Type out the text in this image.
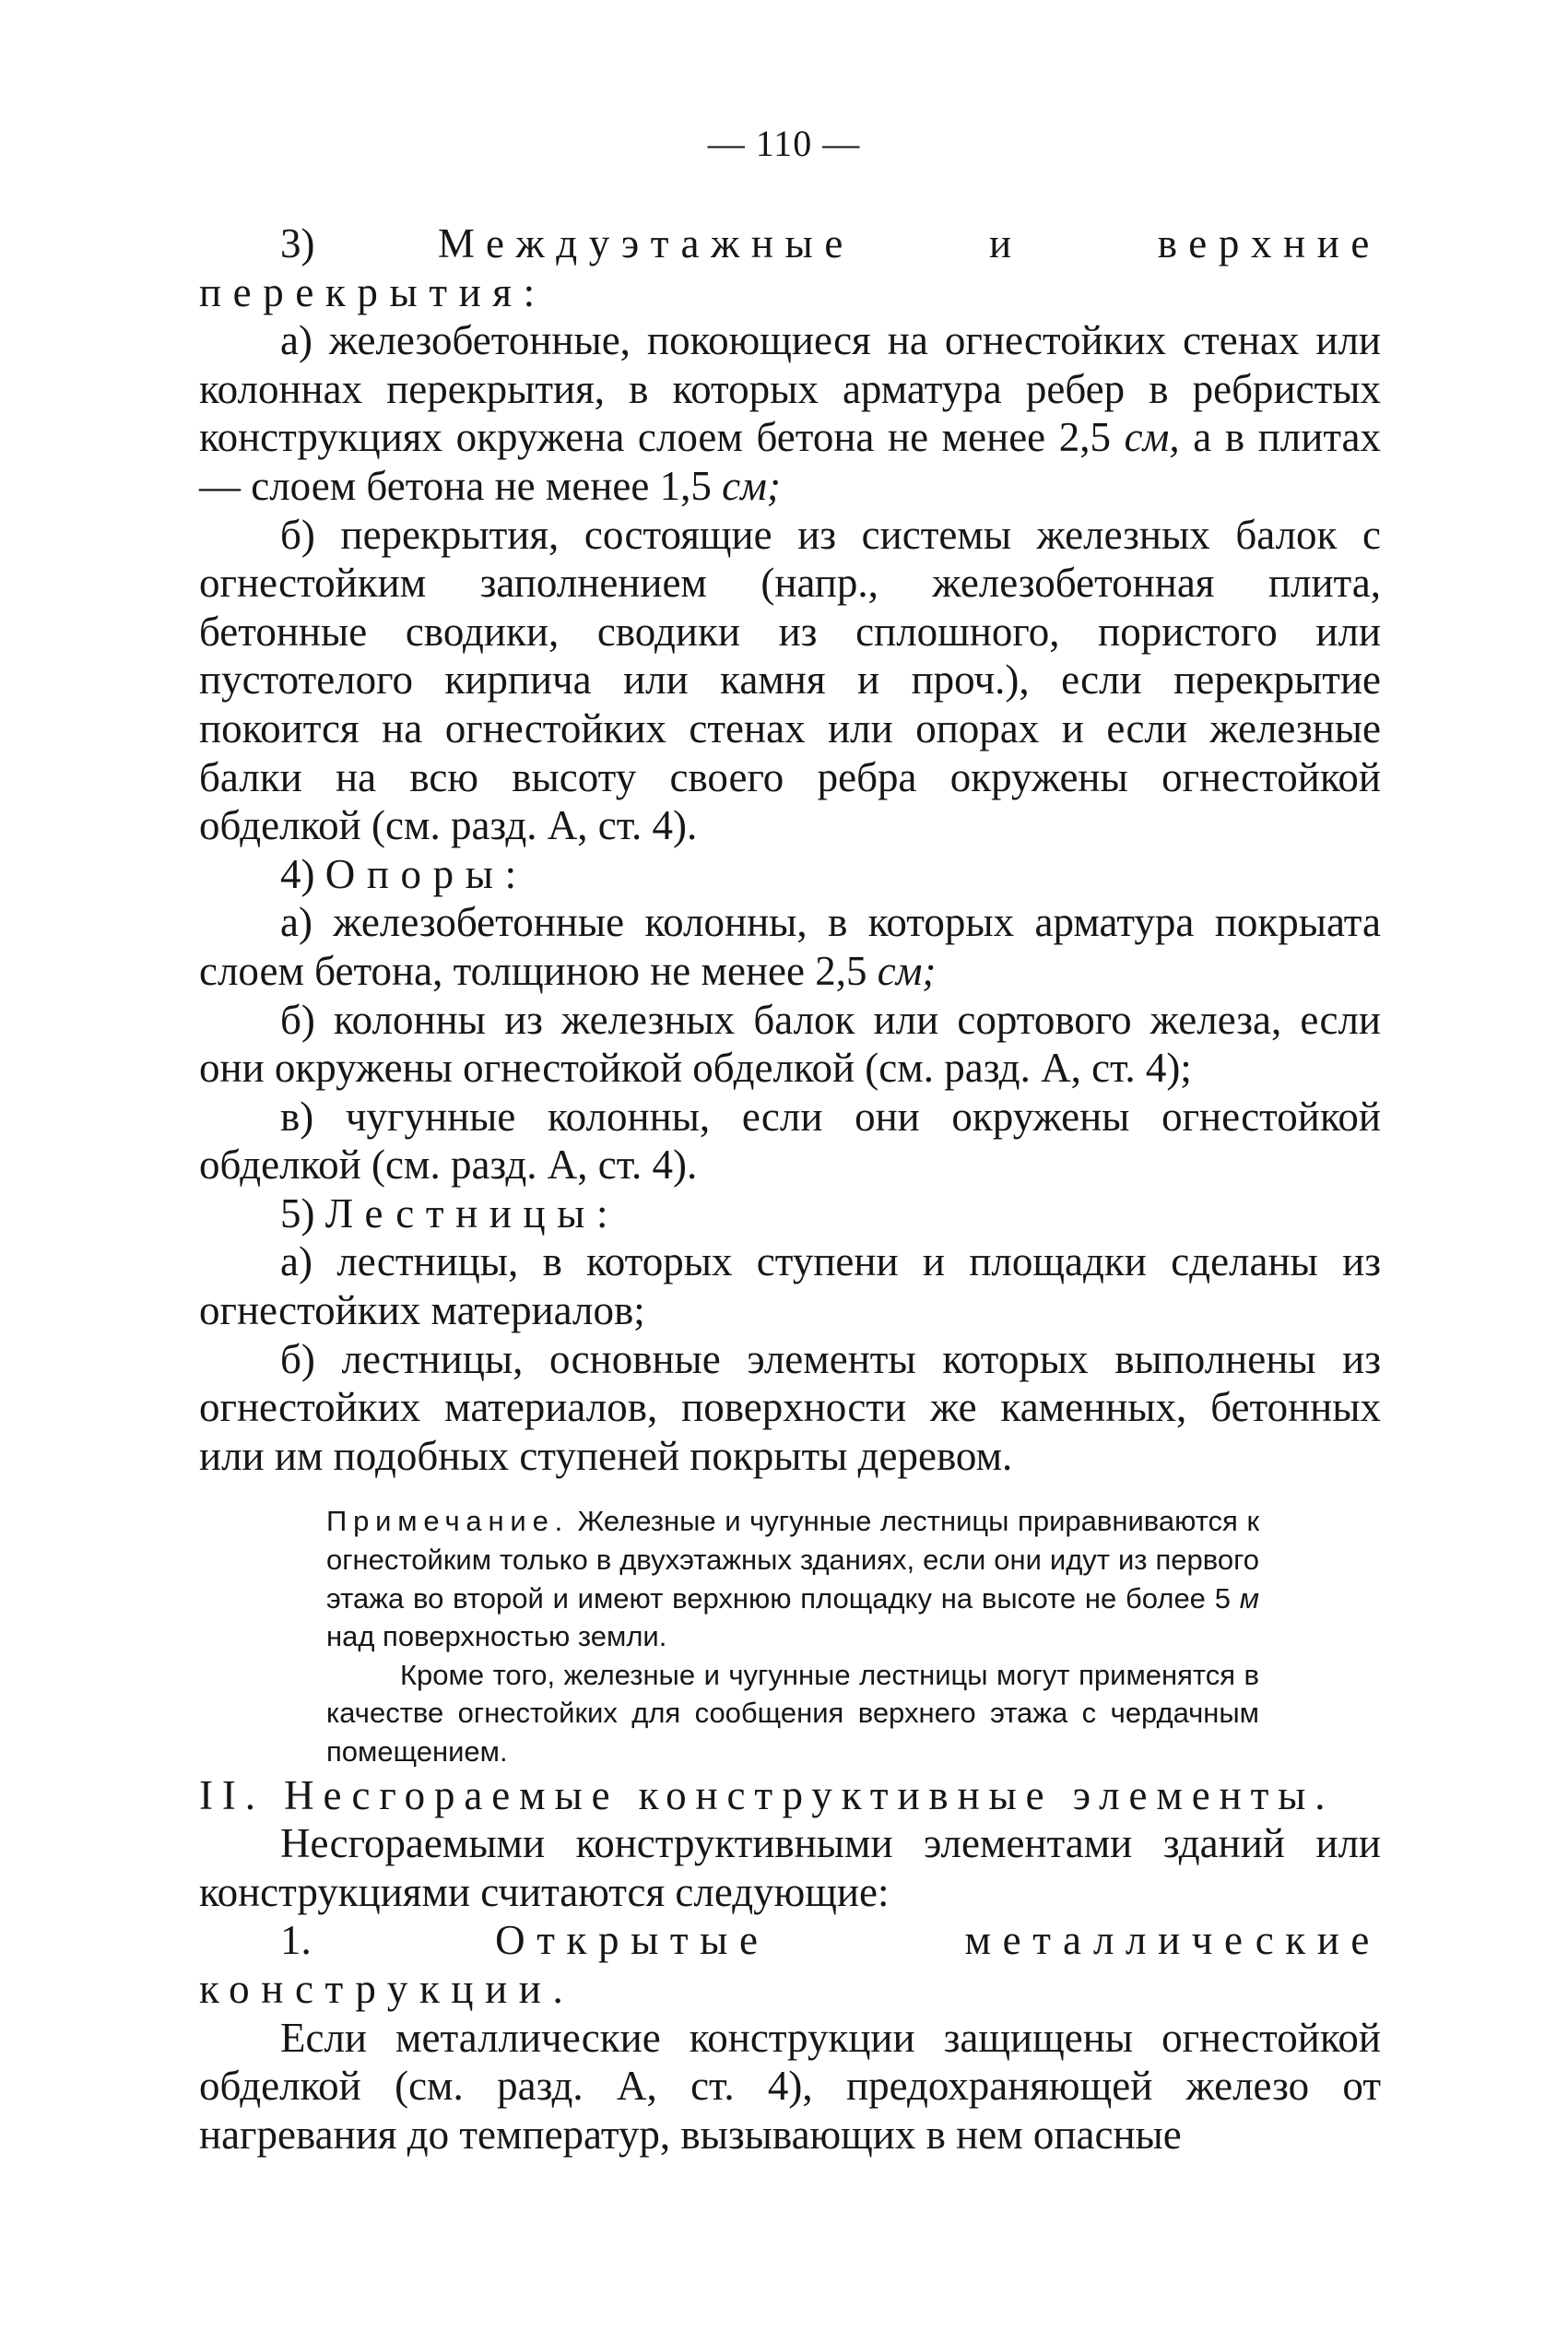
— 110 —

3)	Междуэтажные и верхние перекрытия:

а) железобетонные, покоющиеся на огнестойких стенах или колоннах перекрытия, в которых арматура ребер в ребристых конструкциях окружена слоем бетона не менее 2,5 см, а в плитах — слоем бетона не менее 1,5 см;

б) перекрытия, состоящие из системы железных балок с огнестойким заполнением (напр., железобетонная плита, бетонные сводики, сводики из сплошного, пористого или пустотелого кирпича или камня и проч.), если перекрытие покоится на огнестойких стенах или опорах и если железные балки на всю высоту своего ребра окружены огнестойкой обделкой (см. разд. А, ст. 4).

4) Опоры:

а) железобетонные колонны, в которых арматура покрыата слоем бетона, толщиною не менее 2,5 см;

б) колонны из железных балок или сортового железа, если они окружены огнестойкой обделкой (см. разд. А, ст. 4);

в) чугунные колонны, если они окружены огнестойкой обделкой (см. разд. А, ст. 4).

5) Лестницы:

а) лестницы, в которых ступени и площадки сделаны из огнестойких материалов;

б) лестницы, основные элементы которых выполнены из огнестойких материалов, поверхности же каменных, бетонных или им подобных ступеней покрыты деревом.

Примечание. Железные и чугунные лестницы приравниваются к огнестойким только в двухэтажных зданиях, если они идут из первого этажа во второй и имеют верхнюю площадку на высоте не более 5 м над поверхностью земли.

Кроме того, железные и чугунные лестницы могут применятся в качестве огнестойких для сообщения верхнего этажа с чердачным помещением.

II. Несгораемые конструктивные элементы.

Несгораемыми конструктивными элементами зданий или конструкциями считаются следующие:

1.	Открытые металлические конструкции.

Если металлические конструкции защищены огнестойкой обделкой (см. разд. А, ст. 4), предохраняющей железо от нагревания до температур, вызывающих в нем опасные
